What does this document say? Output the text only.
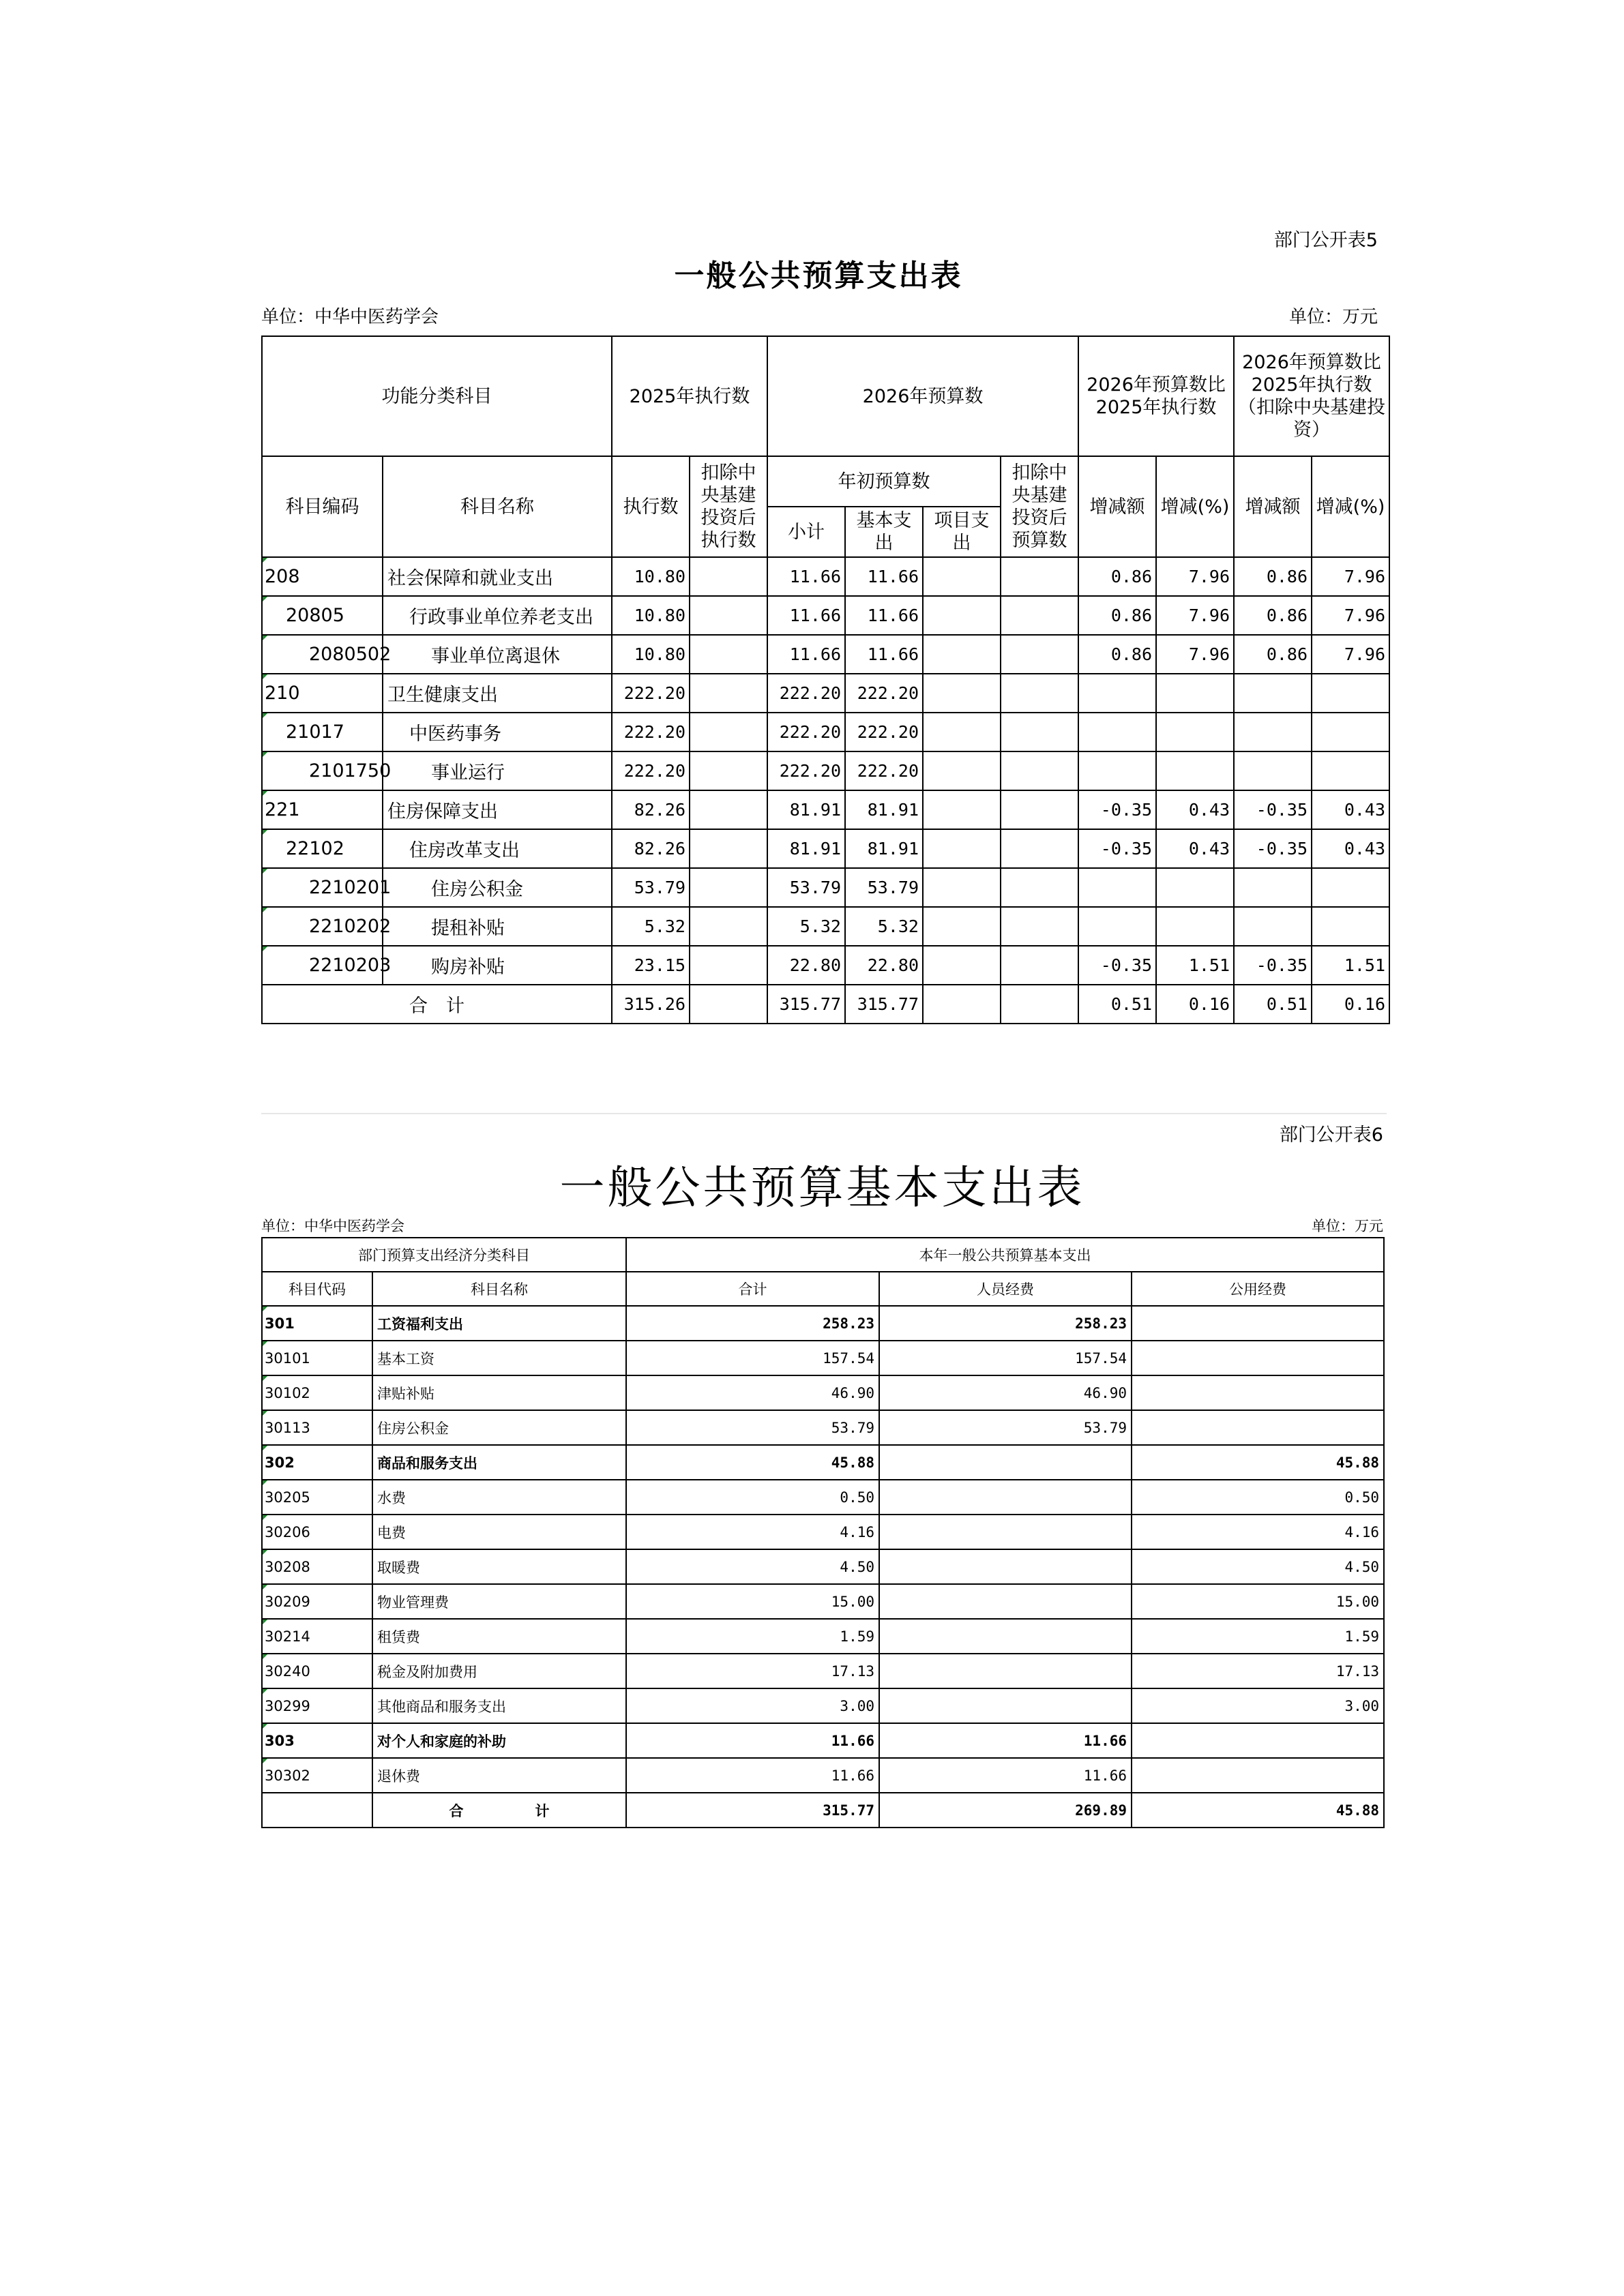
部门公开表5
一般公共预算支出表
单位：中华中医药学会	单位：万元
功能分类科目		2025年执行数		2026年预算数				2026年预算数比2025年执行数		2026年预算数比2025年执行数（扣除中央基建投资）	
科目编码	科目名称	执行数	扣除中央基建投资后执行数	年初预算数			扣除中央基建投资后预算数	增减额	增减(%)	增减额	增减(%)
				小计	基本支出	项目支出					
208	社会保障和就业支出	10.80		11.66	11.66			0.86	7.96	0.86	7.96
20805	行政事业单位养老支出	10.80		11.66	11.66			0.86	7.96	0.86	7.96
2080502	事业单位离退休	10.80		11.66	11.66			0.86	7.96	0.86	7.96
210	卫生健康支出	222.20		222.20	222.20						
21017	中医药事务	222.20		222.20	222.20						
2101750	事业运行	222.20		222.20	222.20						
221	住房保障支出	82.26		81.91	81.91			-0.35	0.43	-0.35	0.43
22102	住房改革支出	82.26		81.91	81.91			-0.35	0.43	-0.35	0.43
2210201	住房公积金	53.79		53.79	53.79						
2210202	提租补贴	5.32		5.32	5.32						
2210203	购房补贴	23.15		22.80	22.80			-0.35	1.51	-0.35	1.51
合　计		315.26		315.77	315.77			0.51	0.16	0.51	0.16
部门公开表6
一般公共预算基本支出表
单位：中华中医药学会	单位：万元
部门预算支出经济分类科目		本年一般公共预算基本支出		
科目代码	科目名称	合计	人员经费	公用经费
301	工资福利支出	258.23	258.23	
30101	基本工资	157.54	157.54	
30102	津贴补贴	46.90	46.90	
30113	住房公积金	53.79	53.79	
302	商品和服务支出	45.88		45.88
30205	水费	0.50		0.50
30206	电费	4.16		4.16
30208	取暖费	4.50		4.50
30209	物业管理费	15.00		15.00
30214	租赁费	1.59		1.59
30240	税金及附加费用	17.13		17.13
30299	其他商品和服务支出	3.00		3.00
303	对个人和家庭的补助	11.66	11.66	
30302	退休费	11.66	11.66	
	合　　　　　计	315.77	269.89	45.88
